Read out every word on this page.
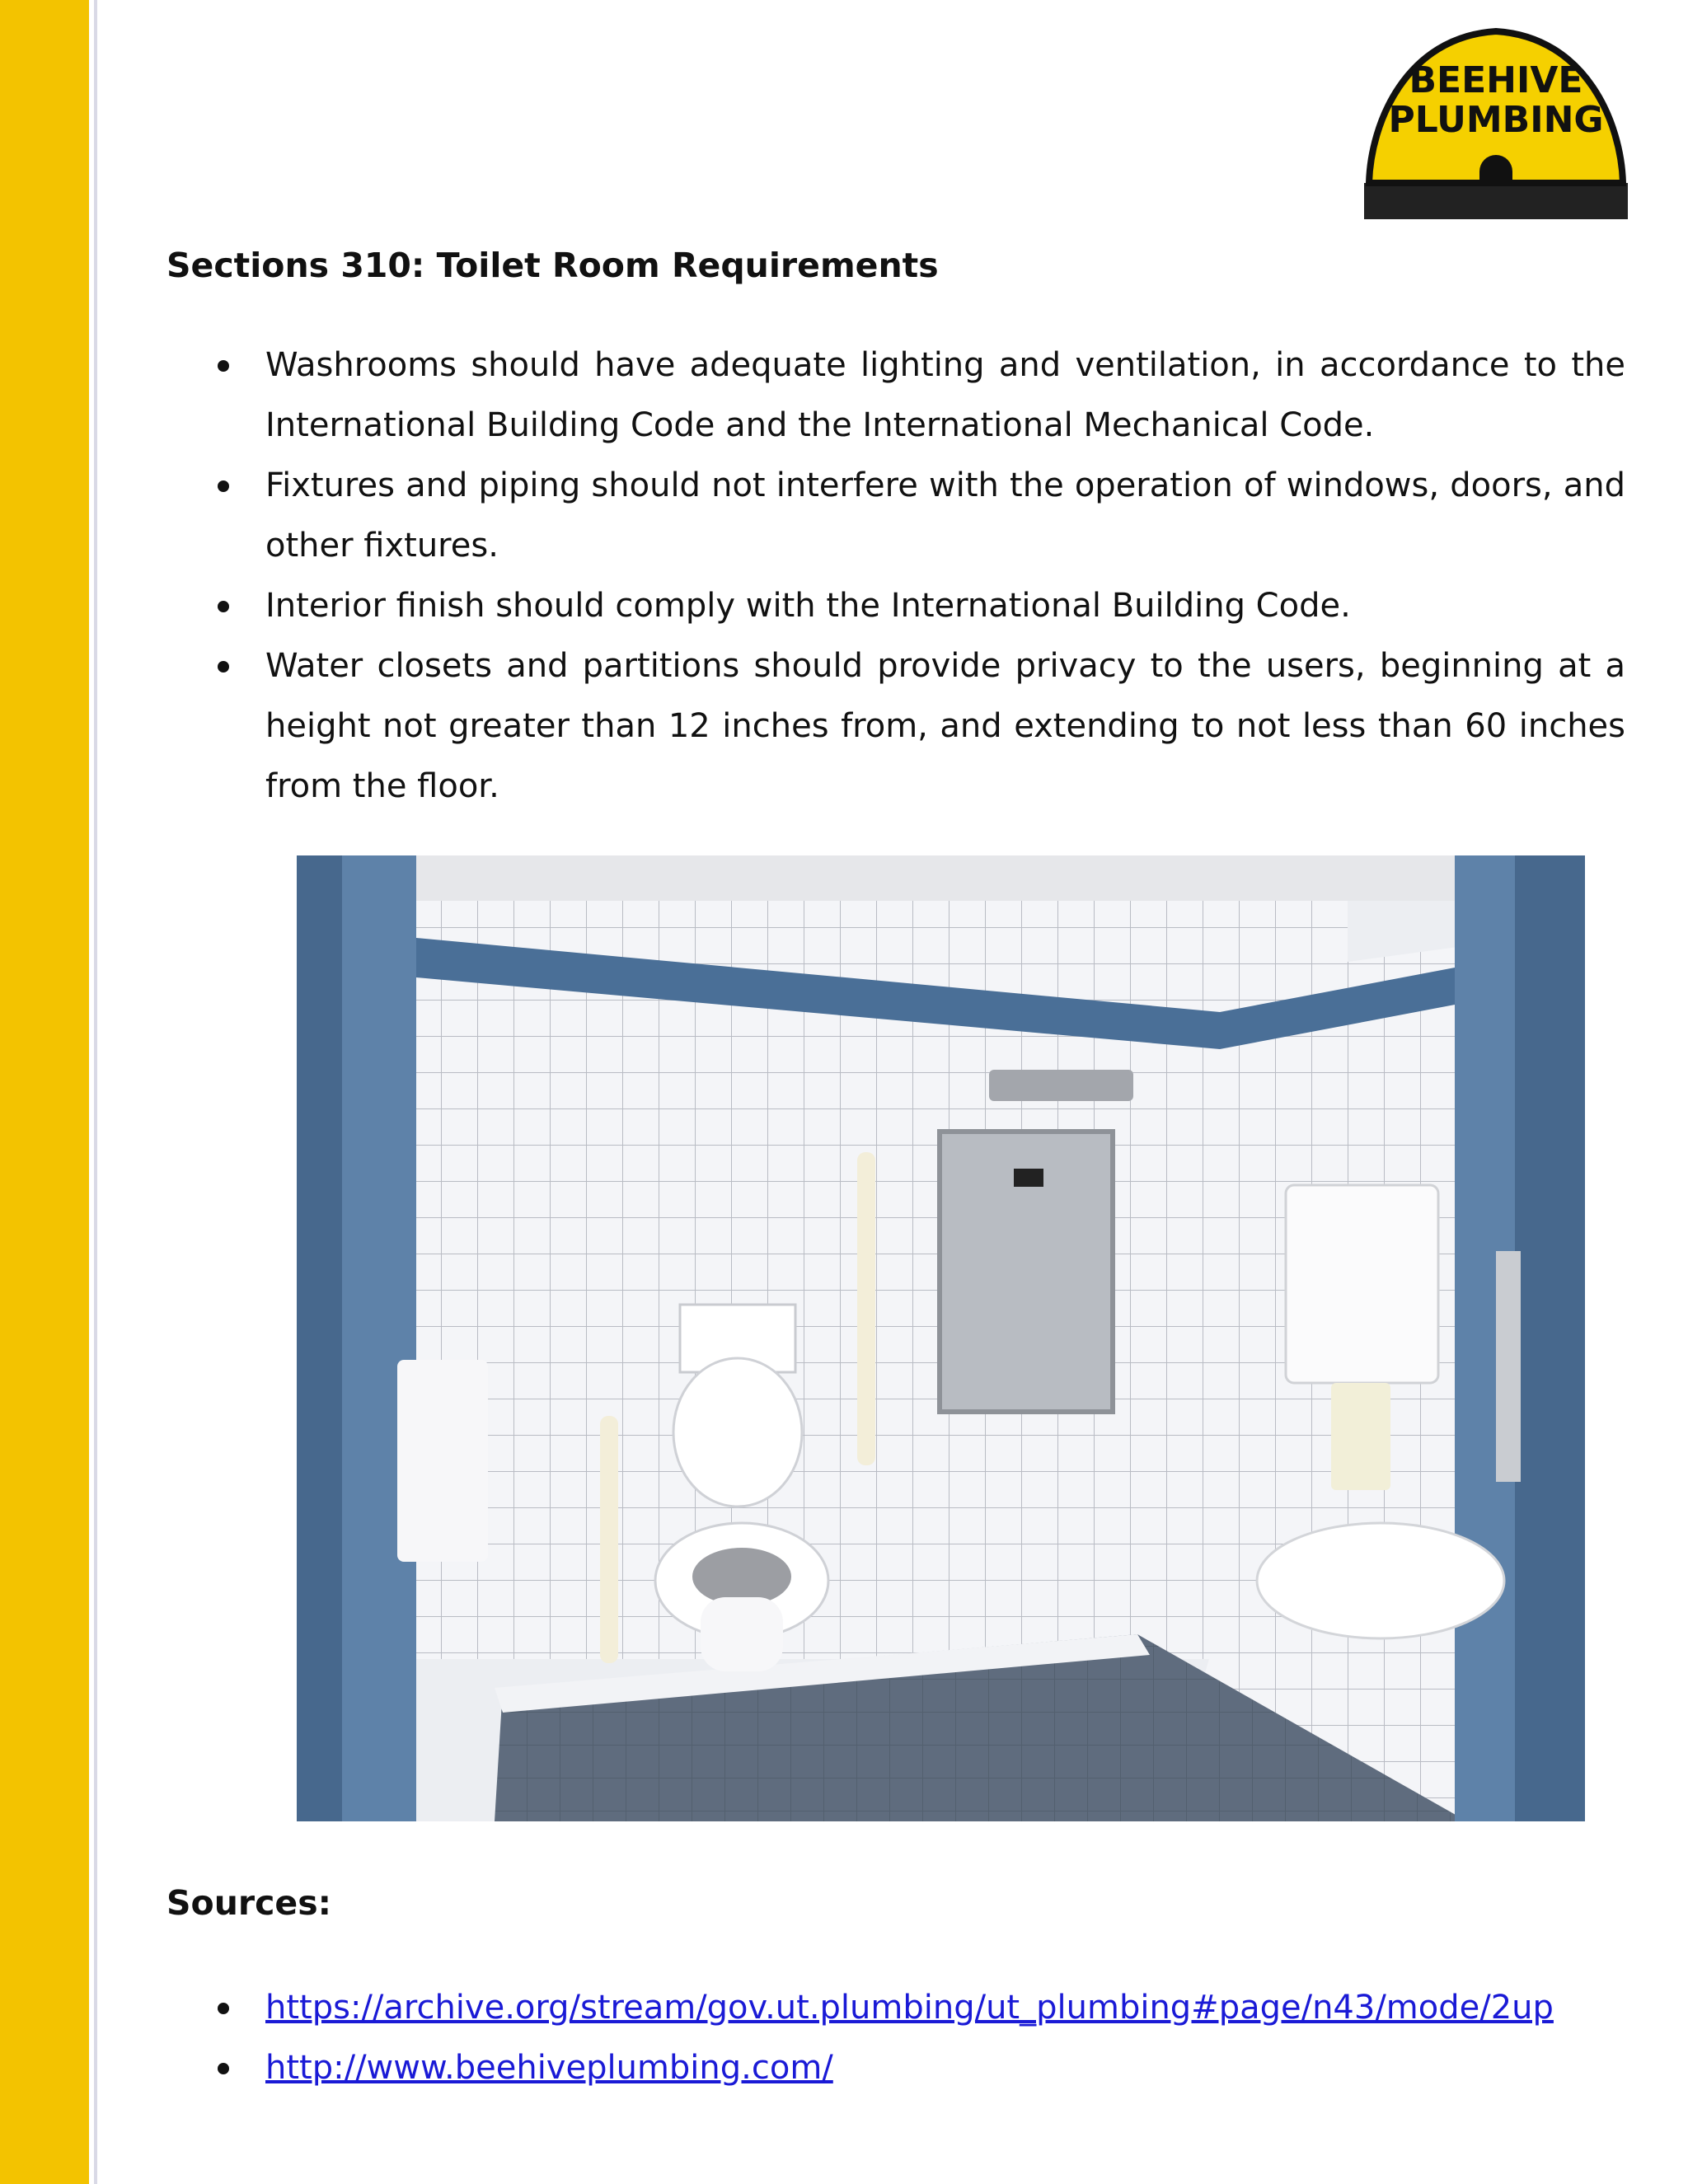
BEEHIVE
PLUMBING
Sections 310: Toilet Room Requirements
Washrooms should have adequate lighting and ventilation, in accordance to the International Building Code and the International Mechanical Code.
Fixtures and piping should not interfere with the operation of windows, doors, and other fixtures.
Interior finish should comply with the International Building Code.
Water closets and partitions should provide privacy to the users, beginning at a height not greater than 12 inches from, and extending to not less than 60 inches from the floor.
Sources:
https://archive.org/stream/gov.ut.plumbing/ut_plumbing#page/n43/mode/2up
http://www.beehiveplumbing.com/
